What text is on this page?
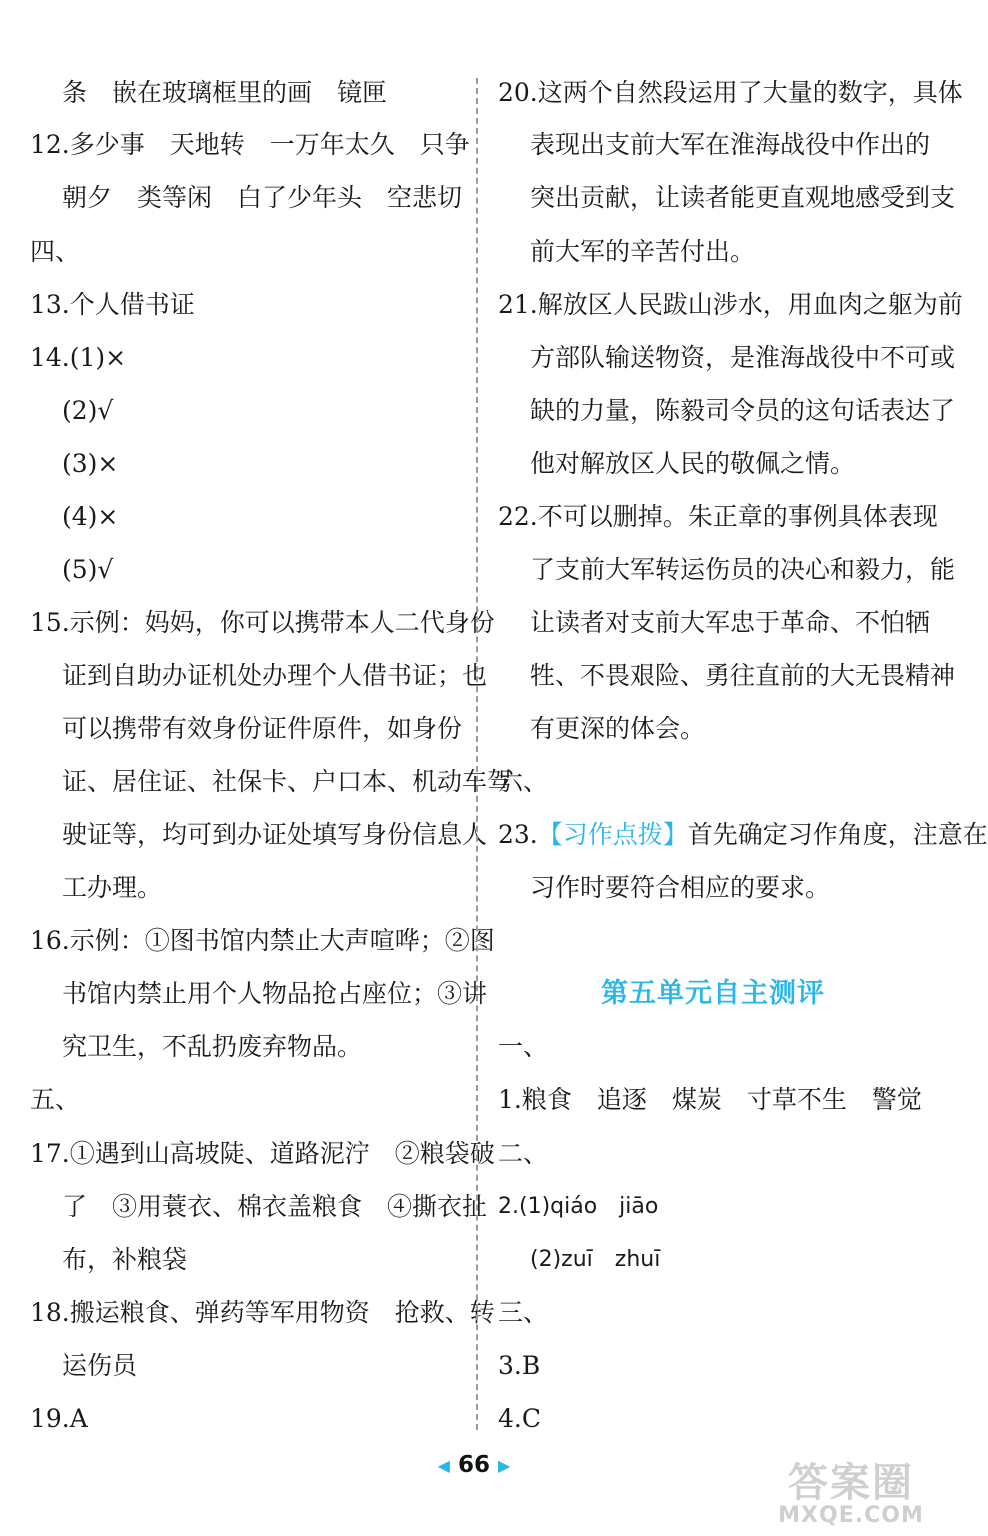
条　嵌在玻璃框里的画　镜匣
12.多少事　天地转　一万年太久　只争
朝夕　类等闲　白了少年头　空悲切
四、
13.个人借书证
14.(1)×
(2)√
(3)×
(4)×
(5)√
15.示例：妈妈，你可以携带本人二代身份
证到自助办证机处办理个人借书证；也
可以携带有效身份证件原件，如身份
证、居住证、社保卡、户口本、机动车驾
驶证等，均可到办证处填写身份信息人
工办理。
16.示例：①图书馆内禁止大声喧哗；②图
书馆内禁止用个人物品抢占座位；③讲
究卫生，不乱扔废弃物品。
五、
17.①遇到山高坡陡、道路泥泞　②粮袋破
了　③用蓑衣、棉衣盖粮食　④撕衣扯
布，补粮袋
18.搬运粮食、弹药等军用物资　抢救、转
运伤员
19.A
20.这两个自然段运用了大量的数字，具体
表现出支前大军在淮海战役中作出的
突出贡献，让读者能更直观地感受到支
前大军的辛苦付出。
21.解放区人民跋山涉水，用血肉之躯为前
方部队输送物资，是淮海战役中不可或
缺的力量，陈毅司令员的这句话表达了
他对解放区人民的敬佩之情。
22.不可以删掉。朱正章的事例具体表现
了支前大军转运伤员的决心和毅力，能
让读者对支前大军忠于革命、不怕牺
牲、不畏艰险、勇往直前的大无畏精神
有更深的体会。
六、
23.【习作点拨】首先确定习作角度，注意在
习作时要符合相应的要求。
一、
1.粮食　追逐　煤炭　寸草不生　警觉
二、
2.(1)qiáo　jiāo
(2)zuī　zhuī
三、
3.B
4.C
第五单元自主测评
◀ 66 ▶	答案圈
MXQE.COM
